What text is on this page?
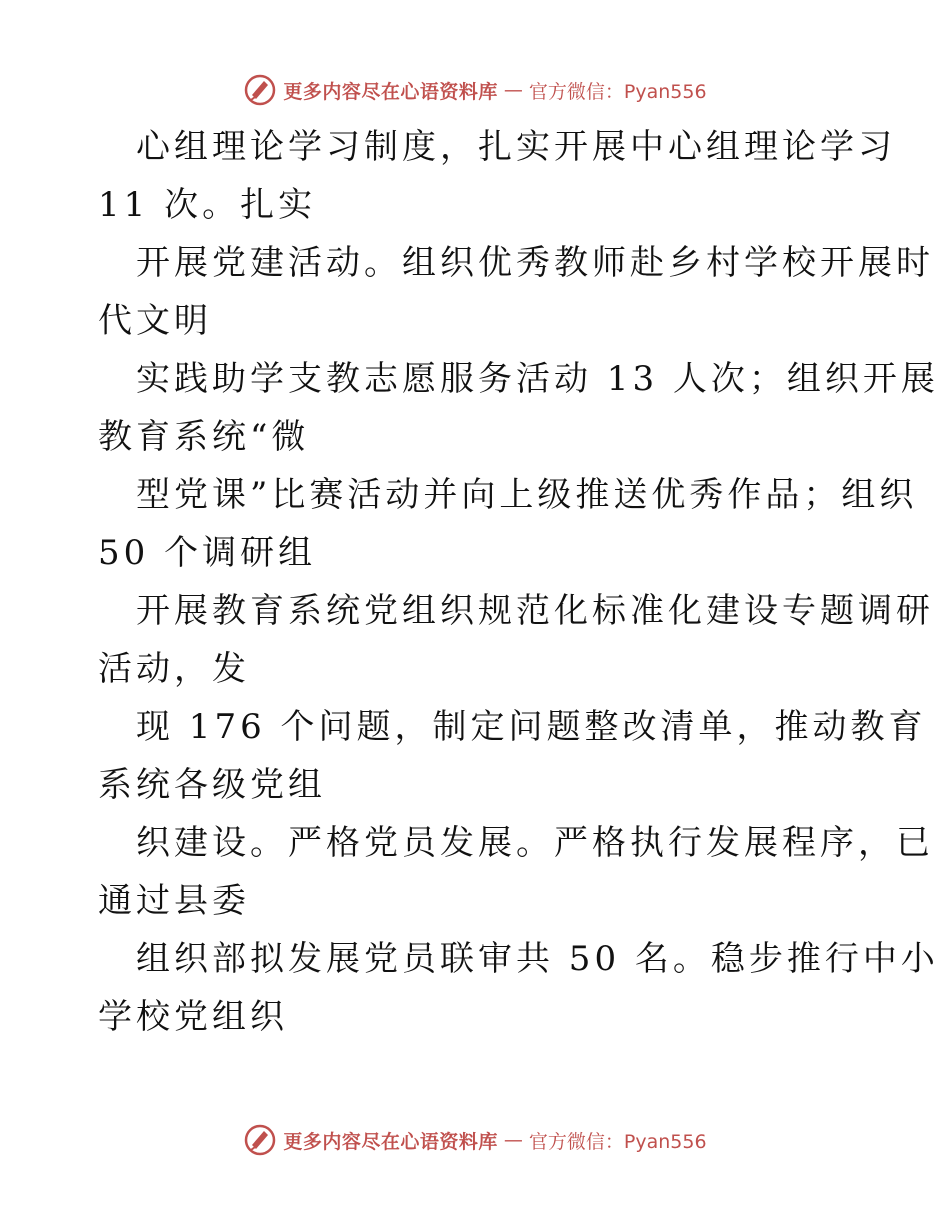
更多内容尽在心语资料库 — 官方微信：Pyan556

心组理论学习制度，扎实开展中心组理论学习
11 次。扎实

开展党建活动。组织优秀教师赴乡村学校开展时
代文明

实践助学支教志愿服务活动 13 人次；组织开展
教育系统“微

型党课”比赛活动并向上级推送优秀作品；组织
50 个调研组

开展教育系统党组织规范化标准化建设专题调研
活动，发

现 176 个问题，制定问题整改清单，推动教育
系统各级党组

织建设。严格党员发展。严格执行发展程序，已
通过县委

组织部拟发展党员联审共 50 名。稳步推行中小
学校党组织

更多内容尽在心语资料库 — 官方微信：Pyan556
